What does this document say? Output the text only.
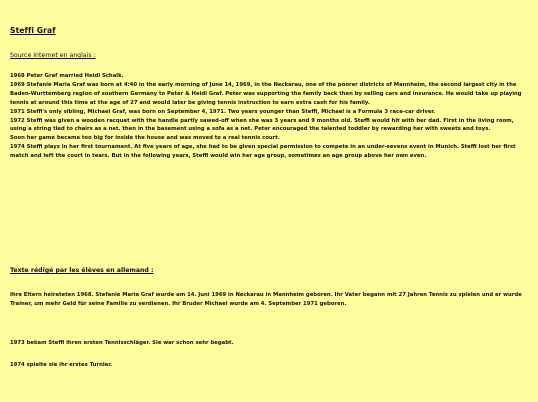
Steffi Graf
Source Internet en anglais :

1968 Peter Graf married Heidi Schalk.

1969 Stefanie Maria Graf was born at 4:40 in the early morning of June 14, 1969, in the Neckarau, one of the poorer districts of Mannheim, the second largest city in the Baden-Wurttemberg region of southern Germany to Peter & Heidi Graf. Peter was supporting the family back then by selling cars and insurance. He would take up playing tennis at around this time at the age of 27 and would later be giving tennis instruction to earn extra cash for his family.

1971 Steffi's only sibling, Michael Graf, was born on September 4, 1971. Two years younger than Steffi, Michael is a Formula 3 race-car driver.

1972 Steffi was given a wooden racquet with the handle partly sawed-off when she was 3 years and 9 months old. Steffi would hit with her dad. First in the living room, using a string tied to chairs as a net. then in the basement using a sofa as a net. Peter encouraged the talented toddler by rewarding her with sweets and toys.

Soon her game became too big for inside the house and was moved to a real tennis court.

1974 Steffi plays in her first tournament. At five years of age, she had to be given special permission to compete in an under-sevens event in Munich. Steffi lost her first match and left the court in tears. But in the following years, Steffi would win her age group, sometimes an age group above her own even.

Texte rédigé par les élèves en allemand :

Ihre Eltern heirateten 1968. Stefanie Maria Graf wurde am 14. Juni 1969 in Neckarau in Mannheim geboren. Ihr Vater begann mit 27 Jahren Tennis zu spielen und er wurde Trainer, um mehr Geld für seine Familie zu verdienen. Ihr Bruder Michael wurde am 4. September 1971 geboren.

1973 bekam Steffi ihren ersten Tennisschläger. Sie war schon sehr begabt.

1974 spielte sie ihr erstes Turnier.
